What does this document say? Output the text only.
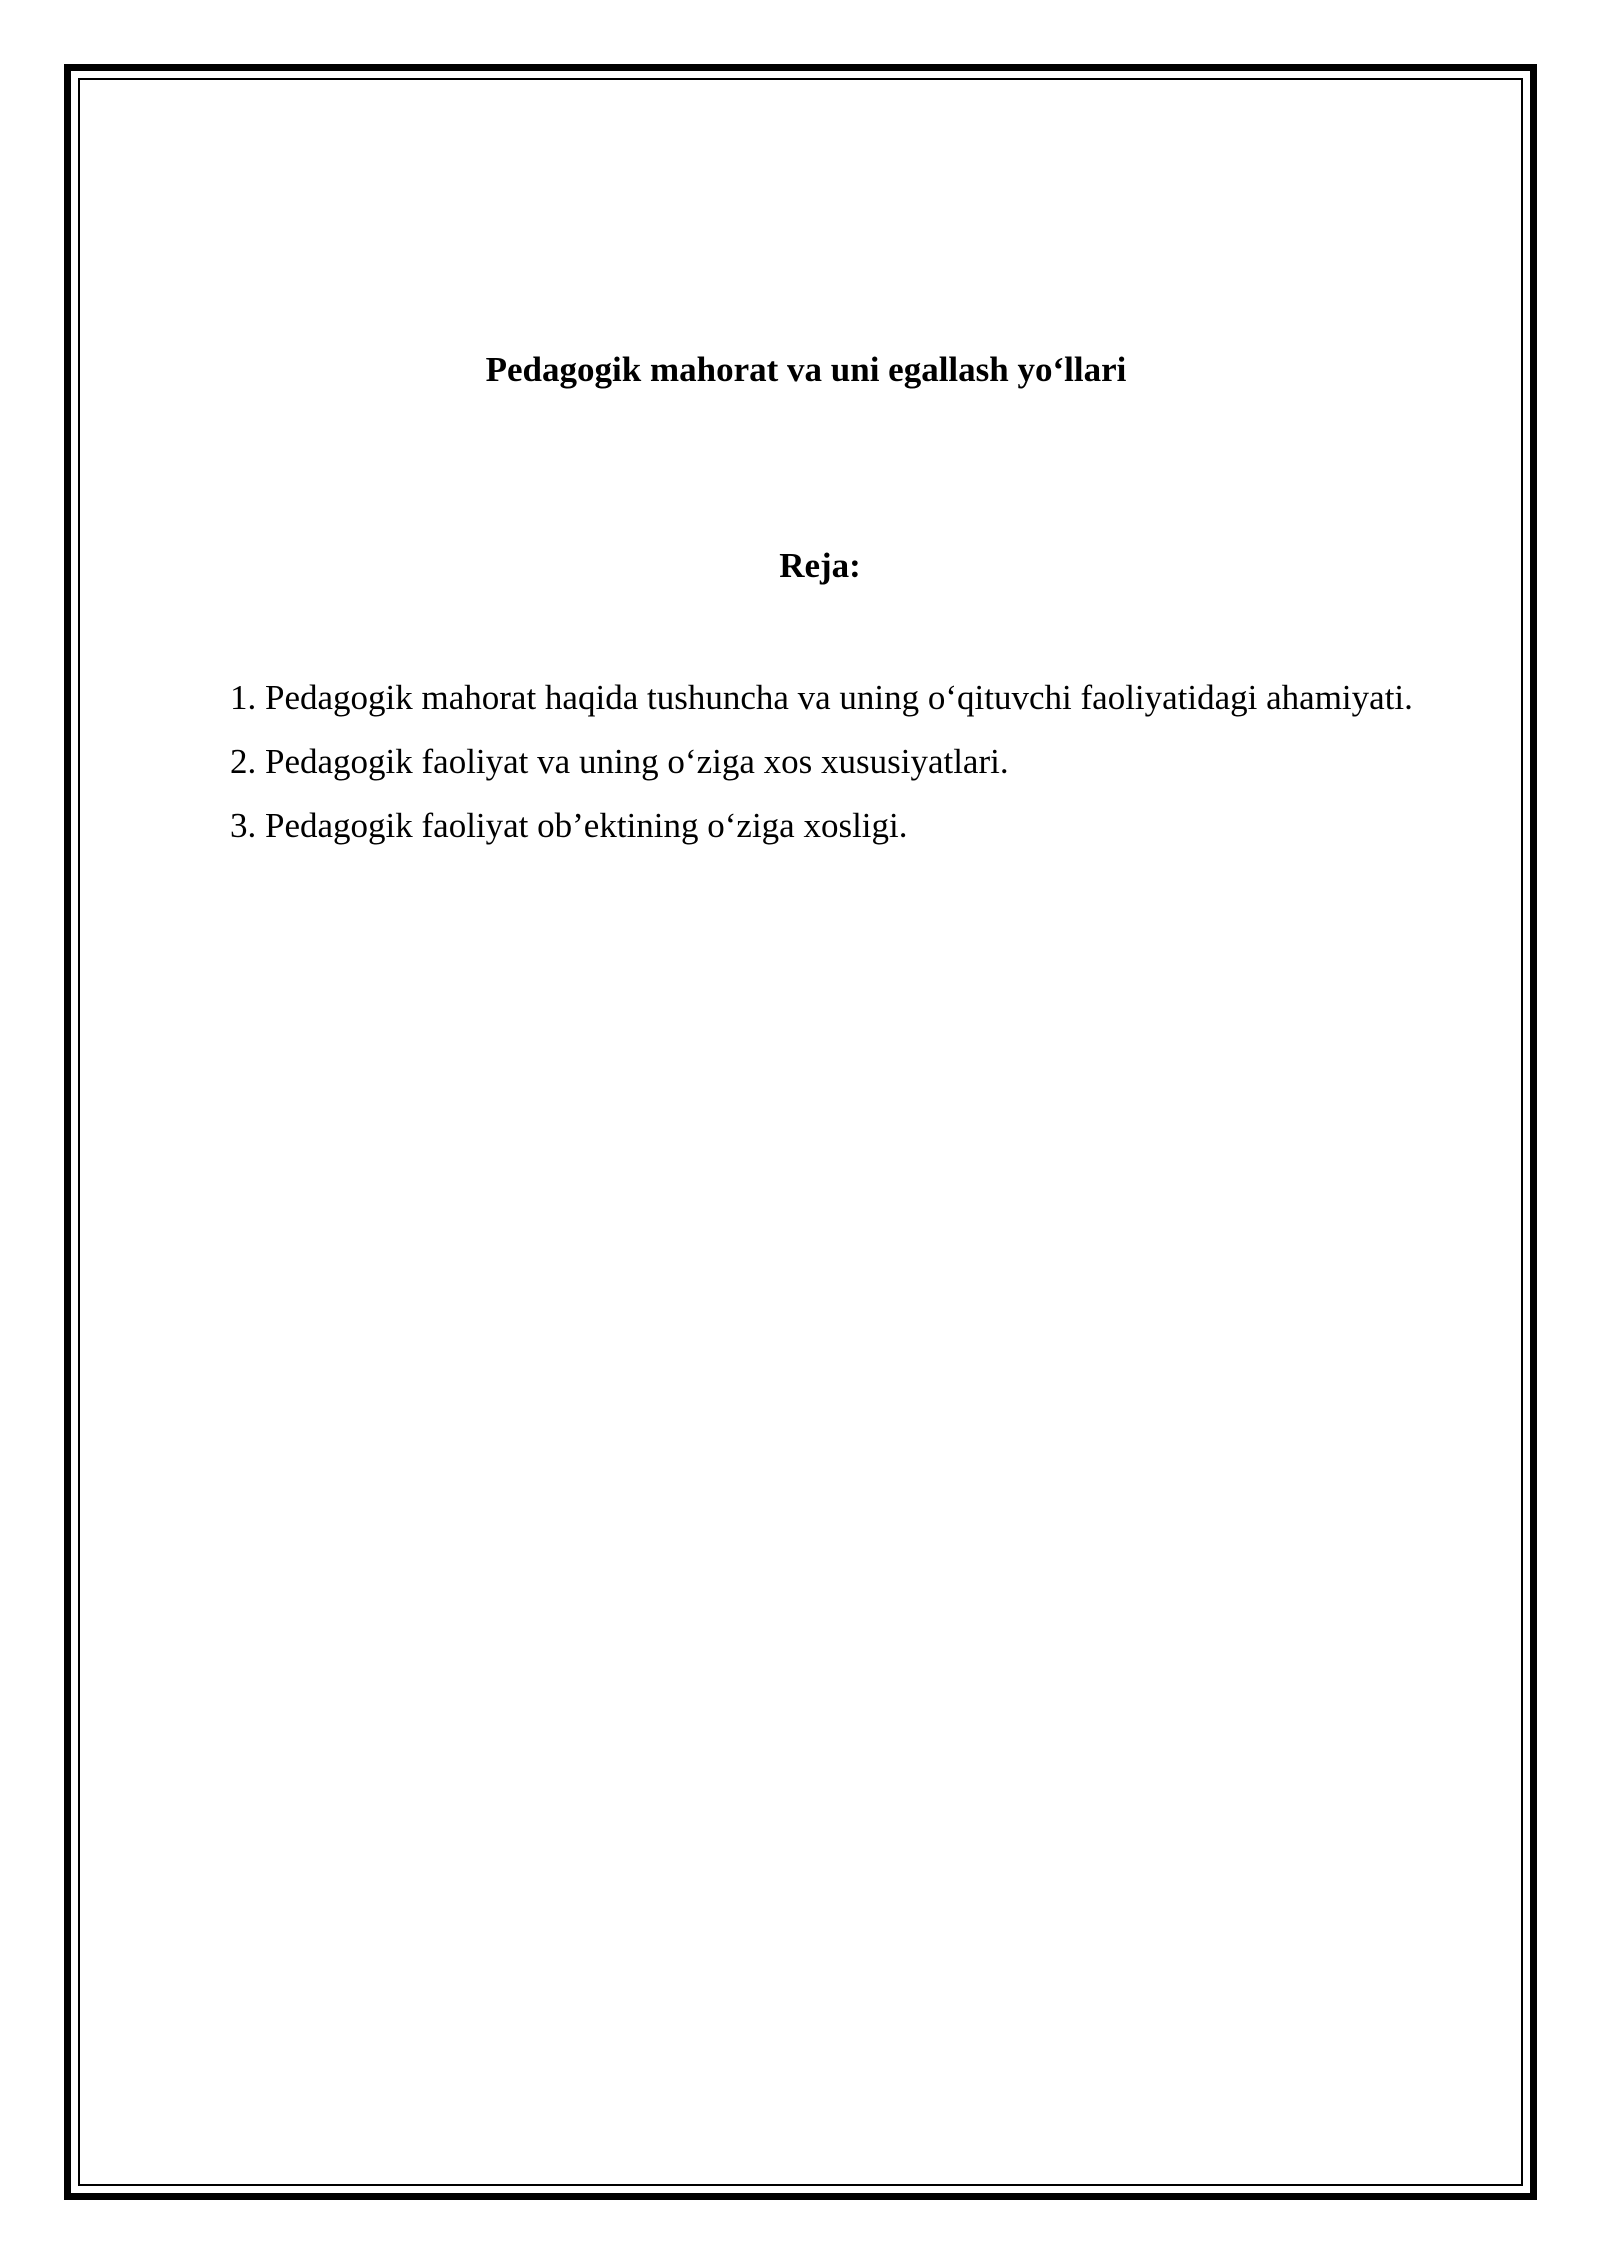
Pedagogik mahorat va uni egallash yo‘llari
Reja:
1. Pedagogik mahorat haqida tushuncha va uning o‘qituvchi faoliyatidagi ahamiyati.
2. Pedagogik faoliyat va uning o‘ziga xos xususiyatlari.
3. Pedagogik faoliyat ob’ektining o‘ziga xosligi.
